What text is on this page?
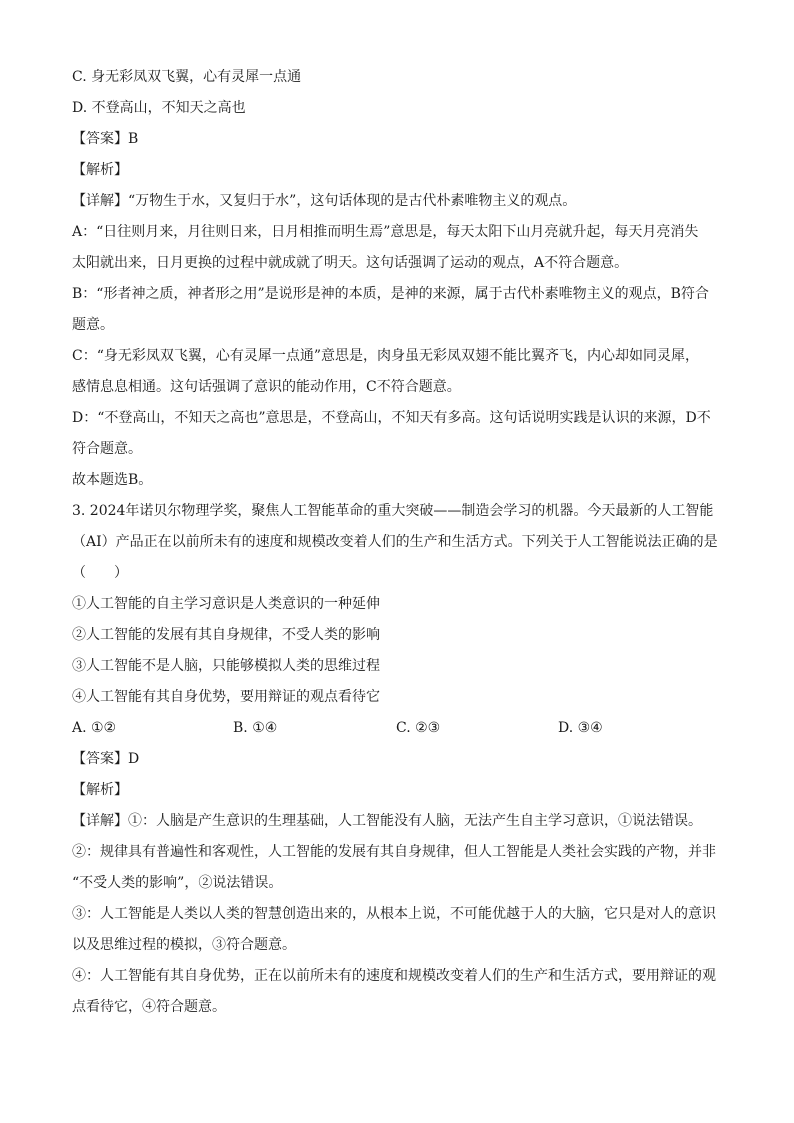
C. 身无彩凤双飞翼，心有灵犀一点通
D. 不登高山，不知天之高也
【答案】B
【解析】
【详解】“万物生于水，又复归于水”，这句话体现的是古代朴素唯物主义的观点。
A：“日往则月来，月往则日来，日月相推而明生焉”意思是，每天太阳下山月亮就升起，每天月亮消失
太阳就出来，日月更换的过程中就成就了明天。这句话强调了运动的观点，A不符合题意。
B：“形者神之质，神者形之用”是说形是神的本质，是神的来源，属于古代朴素唯物主义的观点，B符合
题意。
C：“身无彩凤双飞翼，心有灵犀一点通”意思是，肉身虽无彩凤双翅不能比翼齐飞，内心却如同灵犀，
感情息息相通。这句话强调了意识的能动作用，C不符合题意。
D：“不登高山，不知天之高也”意思是，不登高山，不知天有多高。这句话说明实践是认识的来源，D不
符合题意。
故本题选B。
3. 2024年诺贝尔物理学奖，聚焦人工智能革命的重大突破——制造会学习的机器。今天最新的人工智能
（AI）产品正在以前所未有的速度和规模改变着人们的生产和生活方式。下列关于人工智能说法正确的是
（　　）
①人工智能的自主学习意识是人类意识的一种延伸
②人工智能的发展有其自身规律，不受人类的影响
③人工智能不是人脑，只能够模拟人类的思维过程
④人工智能有其自身优势，要用辩证的观点看待它
A. ①②	B. ①④	C. ②③	D. ③④
【答案】D
【解析】
【详解】①：人脑是产生意识的生理基础，人工智能没有人脑，无法产生自主学习意识，①说法错误。
②：规律具有普遍性和客观性，人工智能的发展有其自身规律，但人工智能是人类社会实践的产物，并非
“不受人类的影响”，②说法错误。
③：人工智能是人类以人类的智慧创造出来的，从根本上说，不可能优越于人的大脑，它只是对人的意识
以及思维过程的模拟，③符合题意。
④：人工智能有其自身优势，正在以前所未有的速度和规模改变着人们的生产和生活方式，要用辩证的观
点看待它，④符合题意。
